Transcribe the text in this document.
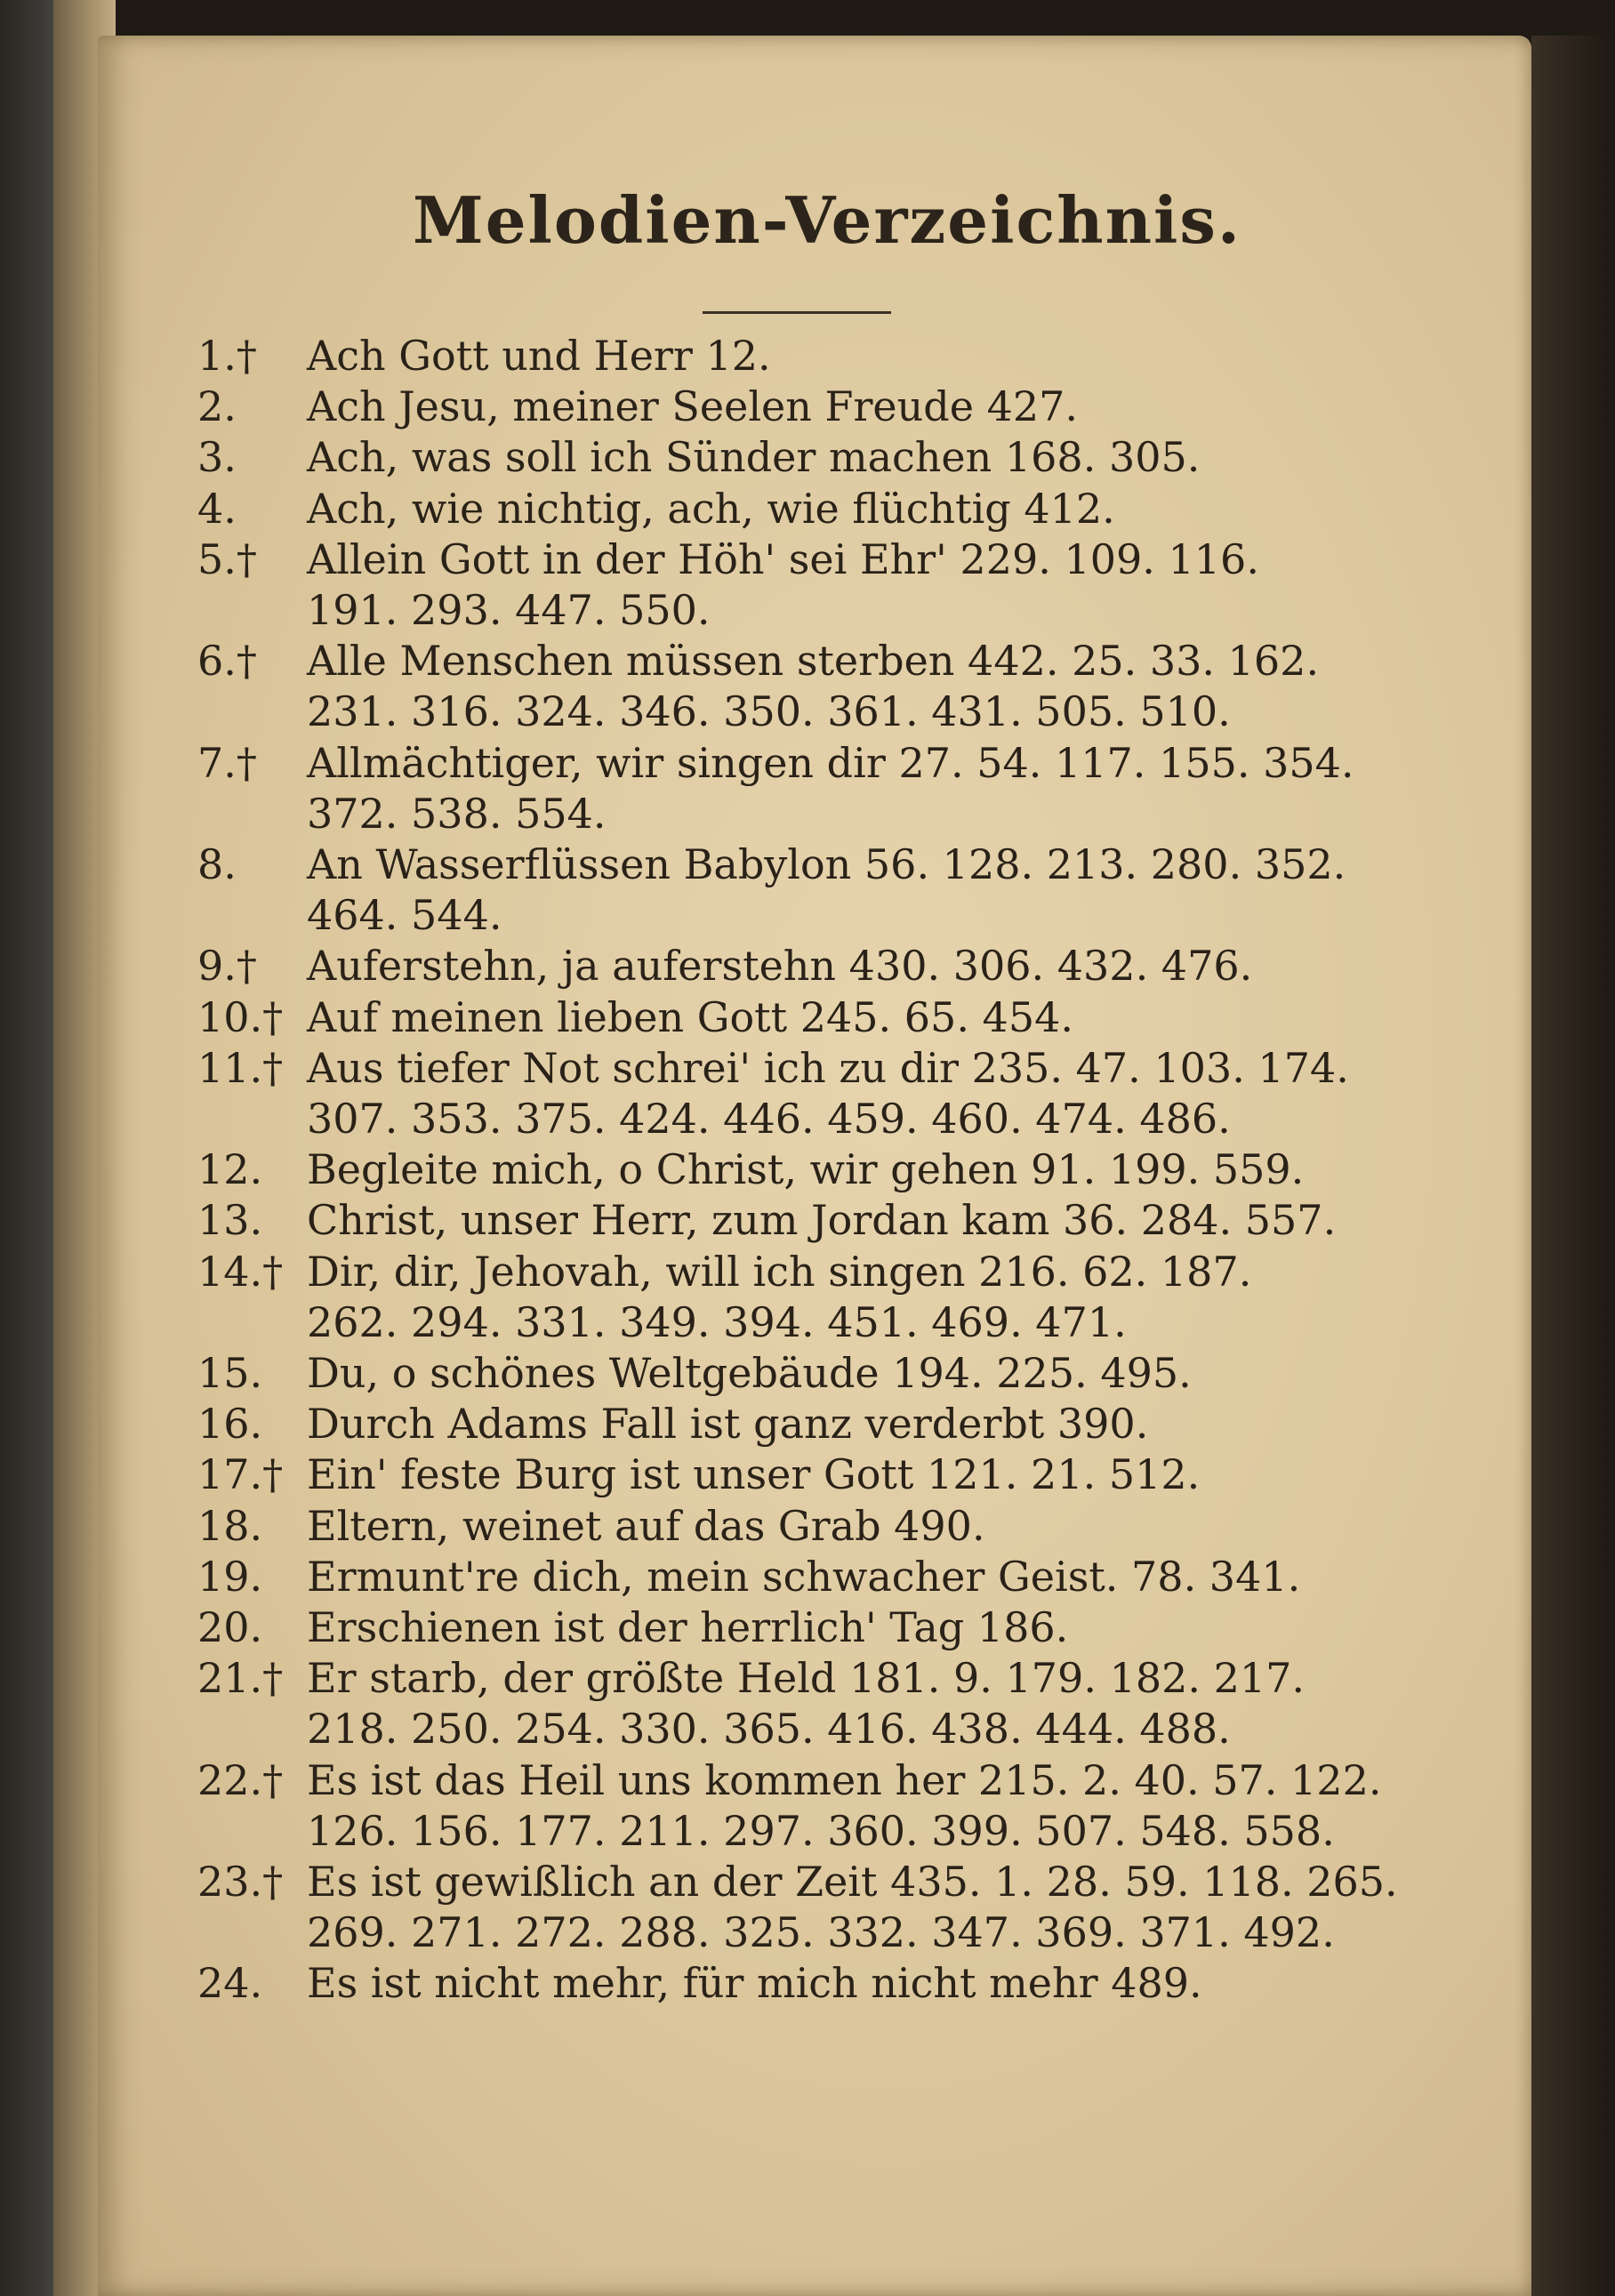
Melodien-Verzeichnis.
1.†	Ach Gott und Herr 12.
2.	Ach Jesu, meiner Seelen Freude 427.
3.	Ach, was soll ich Sünder machen 168. 305.
4.	Ach, wie nichtig, ach, wie flüchtig 412.
5.†	Allein Gott in der Höh' sei Ehr' 229. 109. 116.
191. 293. 447. 550.
6.†	Alle Menschen müssen sterben 442. 25. 33. 162.
231. 316. 324. 346. 350. 361. 431. 505. 510.
7.†	Allmächtiger, wir singen dir 27. 54. 117. 155. 354.
372. 538. 554.
8.	An Wasserflüssen Babylon 56. 128. 213. 280. 352.
464. 544.
9.†	Auferstehn, ja auferstehn 430. 306. 432. 476.
10.† Auf meinen lieben Gott 245. 65. 454.
11.† Aus tiefer Not schrei' ich zu dir 235. 47. 103. 174.
307. 353. 375. 424. 446. 459. 460. 474. 486.
12.	Begleite mich, o Christ, wir gehen 91. 199. 559.
13.	Christ, unser Herr, zum Jordan kam 36. 284. 557.
14.† Dir, dir, Jehovah, will ich singen 216. 62. 187.
262. 294. 331. 349. 394. 451. 469. 471.
15.	Du, o schönes Weltgebäude 194. 225. 495.
16.	Durch Adams Fall ist ganz verderbt 390.
17.† Ein' feste Burg ist unser Gott 121. 21. 512.
18.	Eltern, weinet auf das Grab 490.
19.	Ermunt're dich, mein schwacher Geist. 78. 341.
20.	Erschienen ist der herrlich' Tag 186.
21.† Er starb, der größte Held 181. 9. 179. 182. 217.
218. 250. 254. 330. 365. 416. 438. 444. 488.
22.† Es ist das Heil uns kommen her 215. 2. 40. 57. 122.
126. 156. 177. 211. 297. 360. 399. 507. 548. 558.
23.† Es ist gewißlich an der Zeit 435. 1. 28. 59. 118. 265.
269. 271. 272. 288. 325. 332. 347. 369. 371. 492.
24.	Es ist nicht mehr, für mich nicht mehr 489.
